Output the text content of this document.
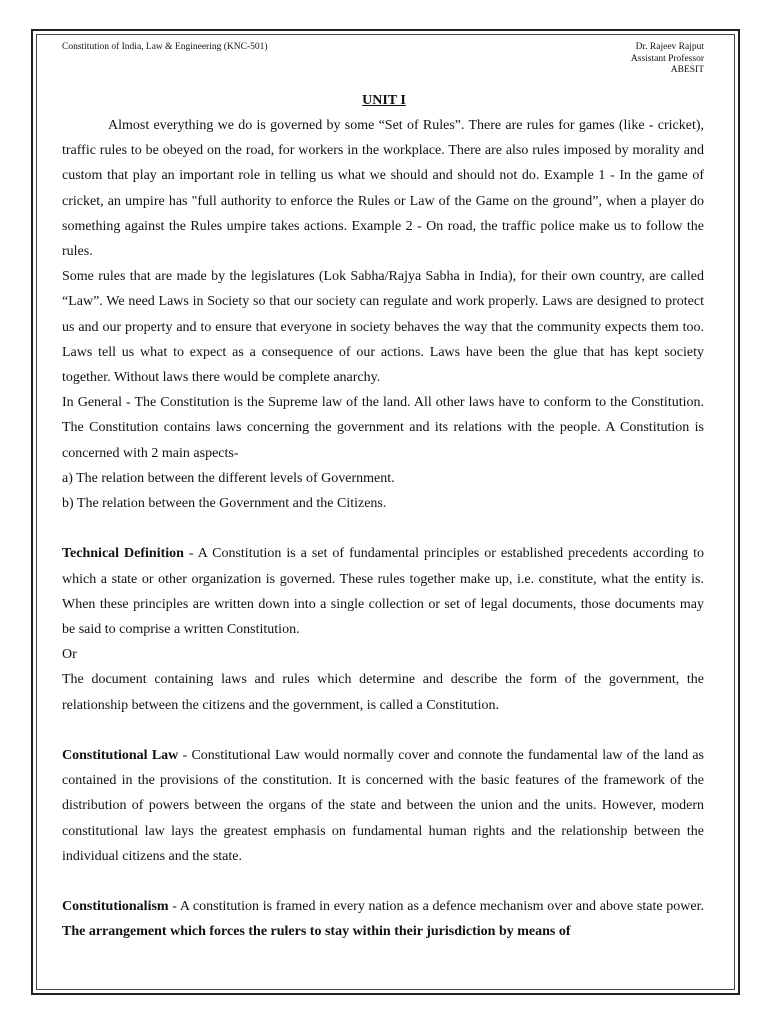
Constitution of India, Law & Engineering (KNC-501)	Dr. Rajeev Rajput
Assistant Professor
ABESIT
UNIT I

Almost everything we do is governed by some “Set of Rules”. There are rules for games (like - cricket), traffic rules to be obeyed on the road, for workers in the workplace. There are also rules imposed by morality and custom that play an important role in telling us what we should and should not do. Example 1 - In the game of cricket, an umpire has "full authority to enforce the Rules or Law of the Game on the ground”, when a player do something against the Rules umpire takes actions. Example 2 - On road, the traffic police make us to follow the rules.

Some rules that are made by the legislatures (Lok Sabha/Rajya Sabha in India), for their own country, are called “Law”. We need Laws in Society so that our society can regulate and work properly. Laws are designed to protect us and our property and to ensure that everyone in society behaves the way that the community expects them too. Laws tell us what to expect as a consequence of our actions. Laws have been the glue that has kept society together. Without laws there would be complete anarchy.

In General - The Constitution is the Supreme law of the land. All other laws have to conform to the Constitution. The Constitution contains laws concerning the government and its relations with the people. A Constitution is concerned with 2 main aspects-

a) The relation between the different levels of Government.

b) The relation between the Government and the Citizens.

Technical Definition - A Constitution is a set of fundamental principles or established precedents according to which a state or other organization is governed. These rules together make up, i.e. constitute, what the entity is. When these principles are written down into a single collection or set of legal documents, those documents may be said to comprise a written Constitution.

Or

The document containing laws and rules which determine and describe the form of the government, the relationship between the citizens and the government, is called a Constitution.

Constitutional Law - Constitutional Law would normally cover and connote the fundamental law of the land as contained in the provisions of the constitution. It is concerned with the basic features of the framework of the distribution of powers between the organs of the state and between the union and the units. However, modern constitutional law lays the greatest emphasis on fundamental human rights and the relationship between the individual citizens and the state.

Constitutionalism - A constitution is framed in every nation as a defence mechanism over and above state power. The arrangement which forces the rulers to stay within their jurisdiction by means of
